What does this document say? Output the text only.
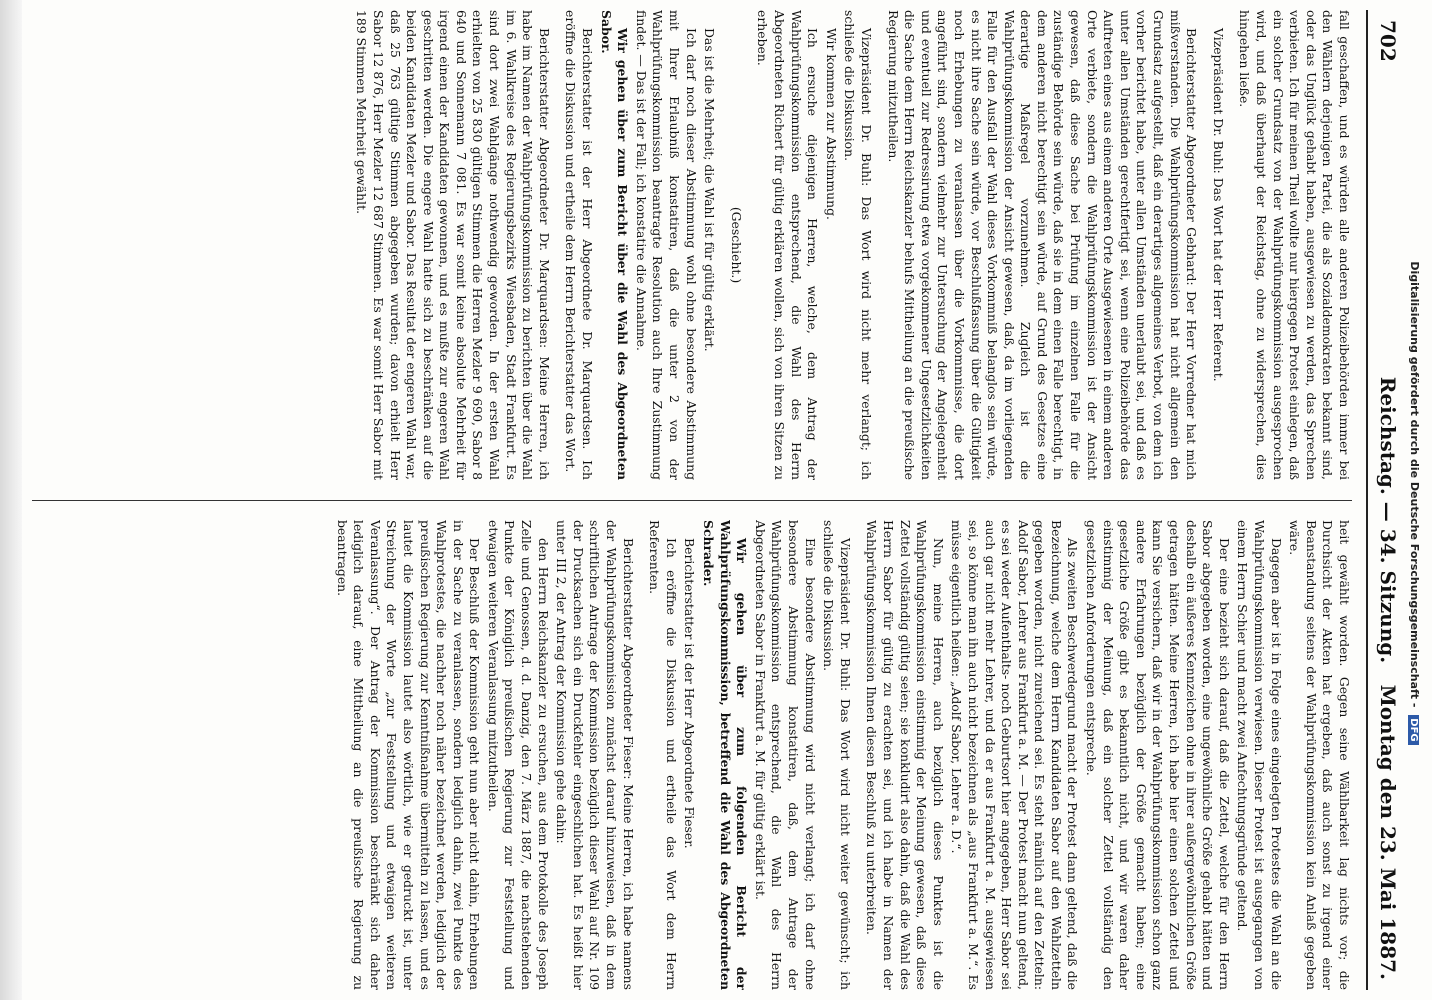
702
Reichstag. — 34. Sitzung.
Montag den 23. Mai 1887.

fall geschaffen, und es würden alle anderen Polizeibehörden immer bei den Wählern derjenigen Partei, die als Sozialdemokraten bekannt sind, oder das Unglück gehabt haben, ausgewiesen zu werden, das Sprechen verbieten. Ich für meinen Theil wollte nur hiergegen Protest einlegen, daß ein solcher Grundsatz von der Wahlprüfungskommission ausgesprochen wird, und daß überhaupt der Reichstag, ohne zu widersprechen, dies hingehen ließe.

Vizepräsident Dr. Buhl: Das Wort hat der Herr Referent.

Berichterstatter Abgeordneter Gebhard: Der Herr Vorredner hat mich mißverstanden. Die Wahlprüfungskommission hat nicht allgemein den Grundsatz aufgestellt, daß ein derartiges allgemeines Verbot, von dem ich vorher berichtet habe, unter allen Umständen unerlaubt sei, und daß es unter allen Umständen gerechtfertigt sei, wenn eine Polizeibehörde das Auftreten eines aus einem anderen Orte Ausgewiesenen in einem anderen Orte verbiete, sondern die Wahlprüfungskommission ist der Ansicht gewesen, daß diese Sache bei Prüfung im einzelnen Falle für die zuständige Behörde sein würde, daß sie in dem einen Falle berechtigt, in dem anderen nicht berechtigt sein würde, auf Grund des Gesetzes eine derartige Maßregel vorzunehmen. Zugleich ist die Wahlprüfungskommission der Ansicht gewesen, daß, da im vorliegenden Falle für den Ausfall der Wahl dieses Vorkommniß belanglos sein würde, es nicht ihre Sache sein würde, vor Beschlußfassung über die Gültigkeit noch Erhebungen zu veranlassen über die Vorkommnisse, die dort angeführt sind, sondern vielmehr zur Untersuchung der Angelegenheit und eventuell zur Redressirung etwa vorgekommener Ungesetzlichkeiten die Sache dem Herrn Reichskanzler behufs Mittheilung an die preußische Regierung mitzutheilen.

Vizepräsident Dr. Buhl: Das Wort wird nicht mehr verlangt; ich schließe die Diskussion.

Wir kommen zur Abstimmung.

Ich ersuche diejenigen Herren, welche, dem Antrag der Wahlprüfungskommission entsprechend, die Wahl des Herrn Abgeordneten Richert für gültig erklären wollen, sich von ihren Sitzen zu erheben.

(Geschieht.)

Das ist die Mehrheit; die Wahl ist für gültig erklärt.

Ich darf noch dieser Abstimmung wohl ohne besondere Abstimmung mit Ihrer Erlaubniß konstatiren, daß die unter 2 von der Wahlprüfungskommission beantragte Resolution auch Ihre Zustimmung findet. — Das ist der Fall; ich konstatire die Annahme.

Wir gehen über zum Bericht über die Wahl des Abgeordneten Sabor.

Berichterstatter ist der Herr Abgeordnete Dr. Marquardsen. Ich eröffne die Diskussion und ertheile dem Herrn Berichterstatter das Wort.

Berichterstatter Abgeordneter Dr. Marquardsen: Meine Herren, ich habe im Namen der Wahlprüfungskommission zu berichten über die Wahl im 6. Wahlkreise des Regierungsbezirks Wiesbaden, Stadt Frankfurt. Es sind dort zwei Wahlgänge nothwendig geworden. In der ersten Wahl erhielten von 25 830 gültigen Stimmen die Herren Mezler 9 690, Sabor 8 640 und Sonnemann 7 081. Es war somit keine absolute Mehrheit für irgend einen der Kandidaten gewonnen, und es mußte zur engeren Wahl geschritten werden. Die engere Wahl hatte sich zu beschränken auf die beiden Kandidaten Mezler und Sabor. Das Resultat der engeren Wahl war, daß 25 763 gültige Stimmen abgegeben wurden; davon erhielt Herr Sabor 12 876, Herr Mezler 12 687 Stimmen. Es war somit Herr Sabor mit 189 Stimmen Mehrheit gewählt.

heit gewählt worden. Gegen seine Wählbarkeit lag nichts vor; die Durchsicht der Akten hat ergeben, daß auch sonst zu irgend einer Beanstandung seitens der Wahlprüfungskommission kein Anlaß gegeben wäre.

Dagegen aber ist in Folge eines eingelegten Protestes die Wahl an die Wahlprüfungskommission verwiesen. Dieser Protest ist ausgegangen von einem Herrn Schier und macht zwei Anfechtungsgründe geltend.

Der eine bezieht sich darauf, daß die Zettel, welche für den Herrn Sabor abgegeben worden, eine ungewöhnliche Größe gehabt hätten und deshalb ein äußeres Kennzeichen ohne in ihrer außergewöhnlichen Größe getragen hätten. Meine Herren, ich habe hier einen solchen Zettel und kann Sie versichern, daß wir in der Wahlprüfungskommission schon ganz andere Erfahrungen bezüglich der Größe gemacht haben; eine gesetzliche Größe gibt es bekanntlich nicht, und wir waren daher einstimmig der Meinung, daß ein solcher Zettel vollständig den gesetzlichen Anforderungen entspreche.

Als zweiten Beschwerdegrund macht der Protest dann geltend, daß die Bezeichnung, welche dem Herrn Kandidaten Sabor auf den Wahlzetteln gegeben worden, nicht zureichend sei. Es steht nämlich auf den Zetteln: Adolf Sabor, Lehrer aus Frankfurt a. M. — Der Protest macht nun geltend, es sei weder Aufenthalts- noch Geburtsort hier angegeben, Herr Sabor sei auch gar nicht mehr Lehrer, und da er aus Frankfurt a. M. ausgewiesen sei, so könne man ihn auch nicht bezeichnen als „aus Frankfurt a. M.“. Es müsse eigentlich heißen: „Adolf Sabor, Lehrer a. D.“.

Nun, meine Herren, auch bezüglich dieses Punktes ist die Wahlprüfungskommission einstimmig der Meinung gewesen, daß diese Zettel vollständig gültig seien; sie konkludirt also dahin, daß die Wahl des Herrn Sabor für gültig zu erachten sei, und ich habe in Namen der Wahlprüfungskommission Ihnen diesen Beschluß zu unterbreiten.

Vizepräsident Dr. Buhl: Das Wort wird nicht weiter gewünscht; ich schließe die Diskussion.

Eine besondere Abstimmung wird nicht verlangt; ich darf ohne besondere Abstimmung konstatiren, daß, dem Antrage der Wahlprüfungskommission entsprechend, die Wahl des Herrn Abgeordneten Sabor in Frankfurt a. M. für gültig erklärt ist.

Wir gehen über zum folgenden Bericht der Wahlprüfungskommission, betreffend die Wahl des Abgeordneten Schrader.

Berichterstatter ist der Herr Abgeordnete Fieser.

Ich eröffne die Diskussion und ertheile das Wort dem Herrn Referenten.

Berichterstatter Abgeordneter Fieser: Meine Herren, ich habe namens der Wahlprüfungskommission zunächst darauf hinzuweisen, daß in dem schriftlichen Antrage der Kommission bezüglich dieser Wahl auf Nr. 109 der Drucksachen sich ein Druckfehler eingeschlichen hat. Es heißt hier unter III 2, der Antrag der Kommission gehe dahin:

den Herrn Reichskanzler zu ersuchen, aus dem Protokolle des Joseph Zelle und Genossen, d. d. Danzig, den 7. März 1887, die nachstehenden Punkte der Königlich preußischen Regierung zur Feststellung und etwaigen weiteren Veranlassung mitzutheilen.

Der Beschluß der Kommission geht nun aber nicht dahin, Erhebungen in der Sache zu veranlassen, sondern lediglich dahin, zwei Punkte des Wahlprotestes, die nachher noch näher bezeichnet werden, lediglich der preußischen Regierung zur Kenntnißnahme übermitteln zu lassen, und es lautet die Kommission lautet also wörtlich, wie er gedruckt ist, unter Streichung der Worte „zur Feststellung und etwaigen weiteren Veranlassung“. Der Antrag der Kommission beschränkt sich daher lediglich darauf, eine Mittheilung an die preußische Regierung zu beantragen.	Digitalisierung gefördert durch die Deutsche Forschungsgemeinschaft - DFG
